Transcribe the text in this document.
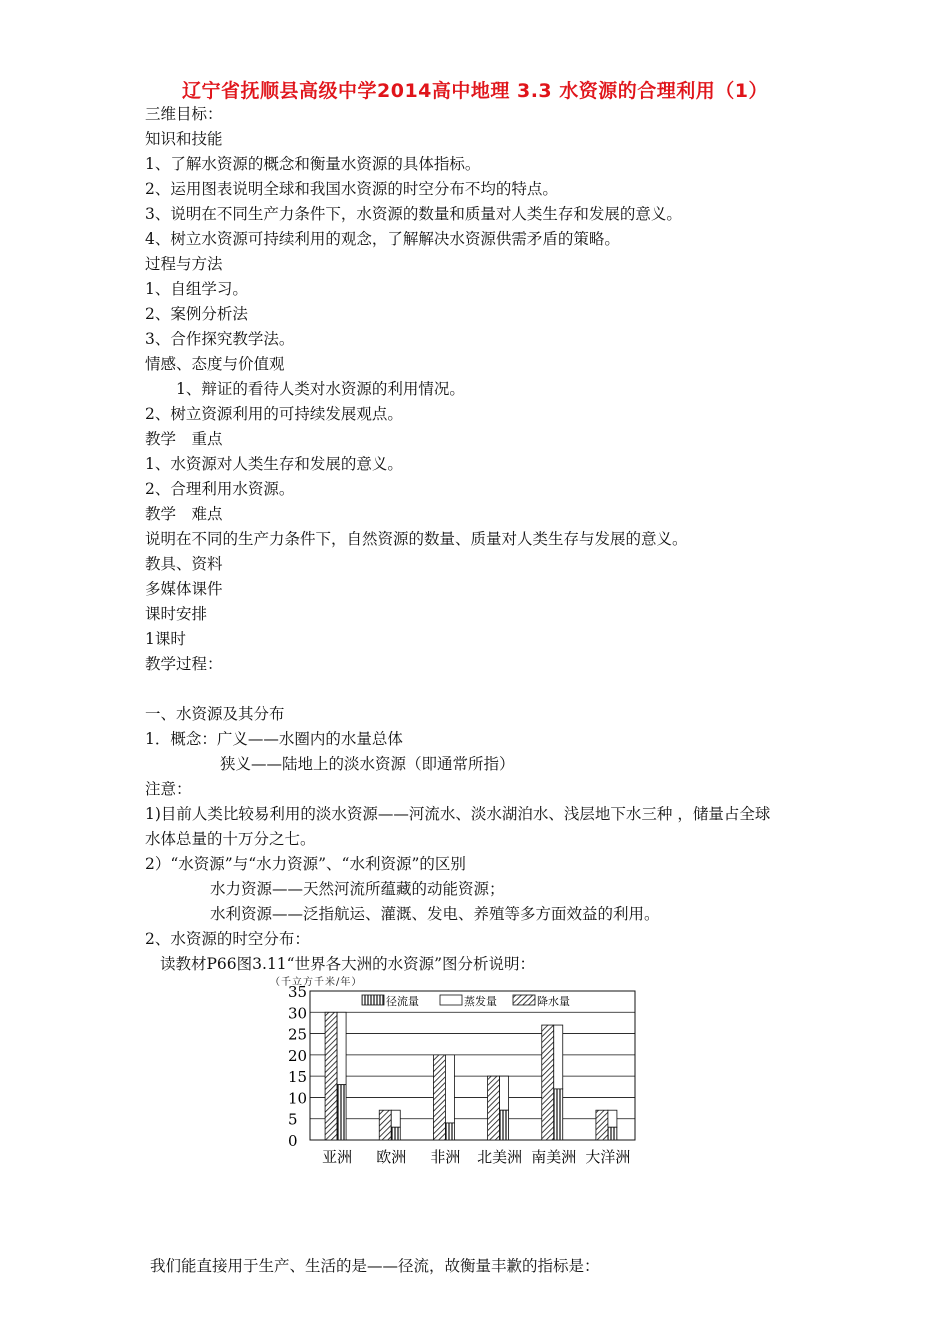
辽宁省抚顺县高级中学2014高中地理 3.3 水资源的合理利用（1）
三维目标：
知识和技能
1、了解水资源的概念和衡量水资源的具体指标。
2、运用图表说明全球和我国水资源的时空分布不均的特点。
3、说明在不同生产力条件下，水资源的数量和质量对人类生存和发展的意义。
4、树立水资源可持续利用的观念，了解解决水资源供需矛盾的策略。
过程与方法
1、自组学习。
2、案例分析法
3、合作探究教学法。
情感、态度与价值观
1、辩证的看待人类对水资源的利用情况。
2、树立资源利用的可持续发展观点。
教学　重点
1、水资源对人类生存和发展的意义。
2、合理利用水资源。
教学　难点
说明在不同的生产力条件下，自然资源的数量、质量对人类生存与发展的意义。
教具、资料
多媒体课件
课时安排
1课时
教学过程：
一、水资源及其分布
1．概念：广义——水圈内的水量总体
狭义——陆地上的淡水资源（即通常所指）
注意：
1)目前人类比较易利用的淡水资源——河流水、淡水湖泊水、浅层地下水三种 ，储量占全球
水体总量的十万分之七。
2）“水资源”与“水力资源”、“水利资源”的区别
水力资源——天然河流所蕴藏的动能资源；
水利资源——泛指航运、灌溉、发电、养殖等多方面效益的利用。
2、水资源的时空分布：
读教材P66图3.11“世界各大洲的水资源”图分析说明：
我们能直接用于生产、生活的是——径流，故衡量丰歉的指标是：
（千立方千米/年）
0
5
10
15
20
25
30
35
径流量	蒸发量	降水量
亚洲 欧洲 非洲 北美洲 南美洲 大洋洲
